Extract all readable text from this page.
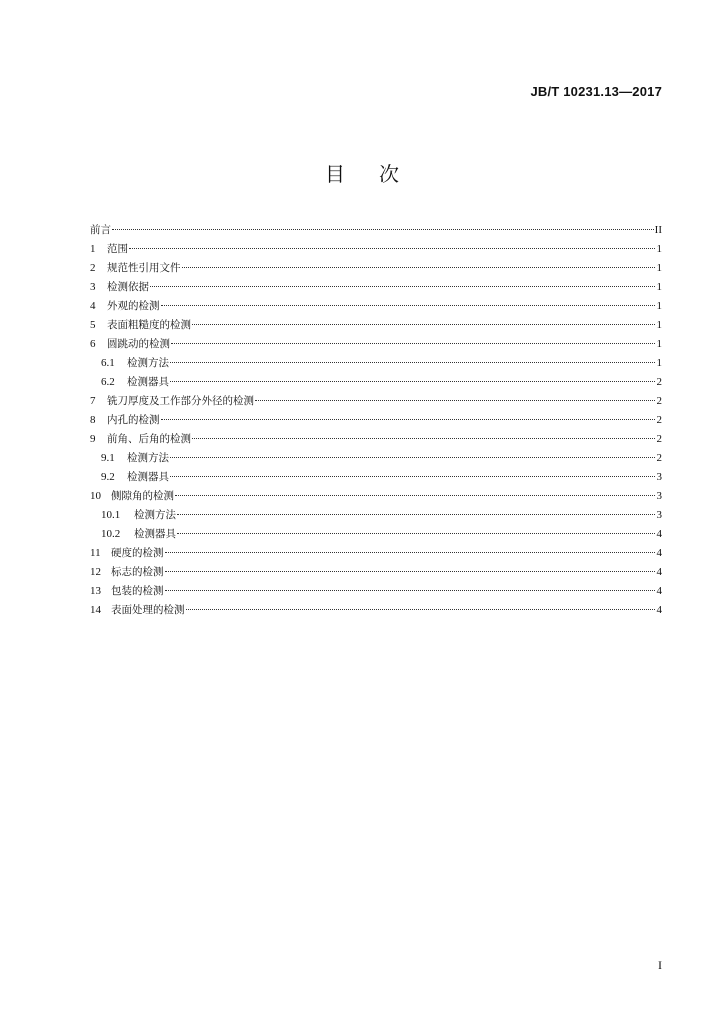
JB/T 10231.13—2017
目 次
前言	II
1	范围	1
2	规范性引用文件	1
3	检测依据	1
4	外观的检测	1
5	表面粗糙度的检测	1
6	圆跳动的检测	1
6.1	检测方法	1
6.2	检测器具	2
7	铣刀厚度及工作部分外径的检测	2
8	内孔的检测	2
9	前角、后角的检测	2
9.1	检测方法	2
9.2	检测器具	3
10 侧隙角的检测	3
10.1	检测方法	3
10.2	检测器具	4
11 硬度的检测	4
12 标志的检测	4
13 包装的检测	4
14 表面处理的检测	4
I
